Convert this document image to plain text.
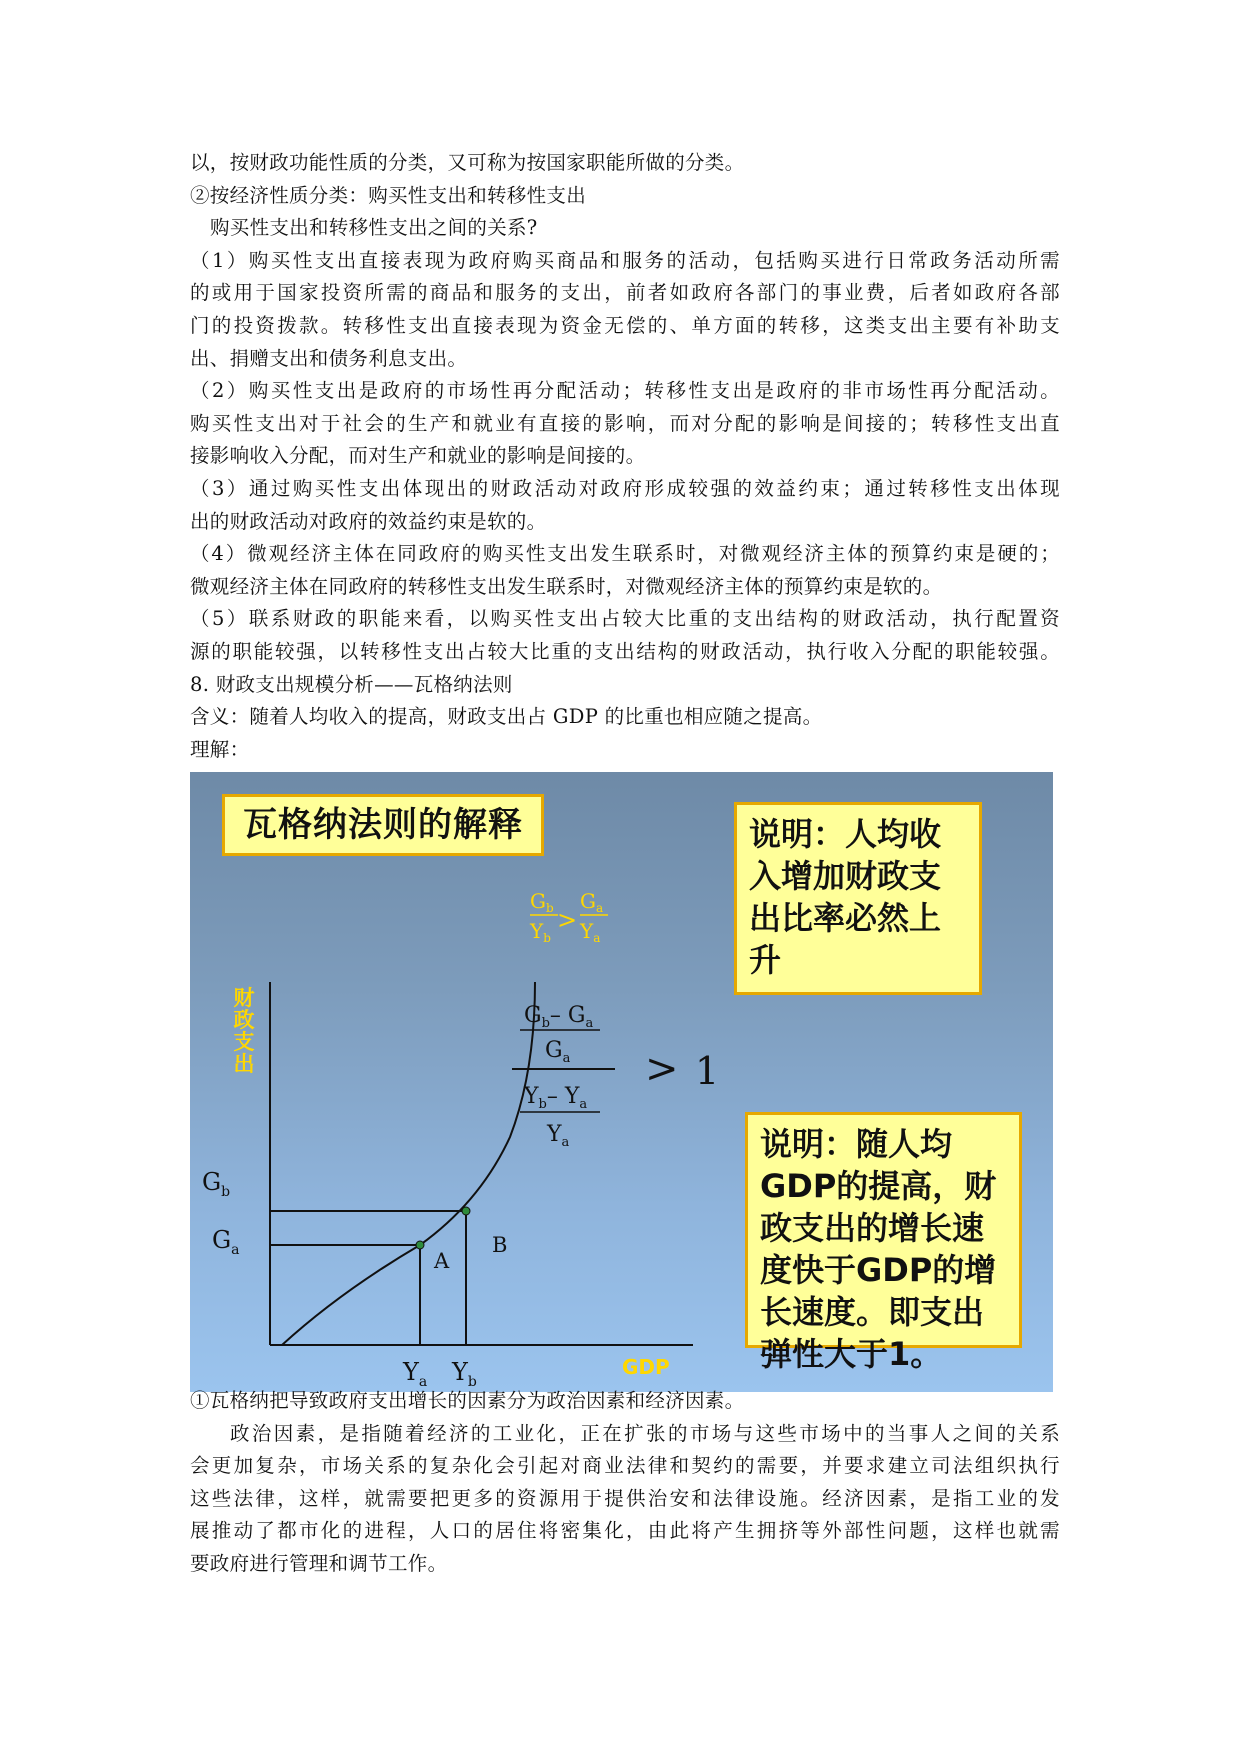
以，按财政功能性质的分类，又可称为按国家职能所做的分类。
②按经济性质分类：购买性支出和转移性支出
购买性支出和转移性支出之间的关系?
（1）购买性支出直接表现为政府购买商品和服务的活动，包括购买进行日常政务活动所需
的或用于国家投资所需的商品和服务的支出，前者如政府各部门的事业费，后者如政府各部
门的投资拨款。转移性支出直接表现为资金无偿的、单方面的转移，这类支出主要有补助支
出、捐赠支出和债务利息支出。
（2）购买性支出是政府的市场性再分配活动；转移性支出是政府的非市场性再分配活动。
购买性支出对于社会的生产和就业有直接的影响，而对分配的影响是间接的；转移性支出直
接影响收入分配，而对生产和就业的影响是间接的。
（3）通过购买性支出体现出的财政活动对政府形成较强的效益约束；通过转移性支出体现
出的财政活动对政府的效益约束是软的。
（4）微观经济主体在同政府的购买性支出发生联系时，对微观经济主体的预算约束是硬的；
微观经济主体在同政府的转移性支出发生联系时，对微观经济主体的预算约束是软的。
（5）联系财政的职能来看，以购买性支出占较大比重的支出结构的财政活动，执行配置资
源的职能较强，以转移性支出占较大比重的支出结构的财政活动，执行收入分配的职能较强。
8. 财政支出规模分析——瓦格纳法则
含义：随着人均收入的提高，财政支出占 GDP 的比重也相应随之提高。
理解：
瓦格纳法则的解释	说明：人均收
入增加财政支
出比率必然上
升
说明：随人均
GDP的提高，财
政支出的增长速
度快于GDP的增
长速度。即支出
弹性大于1。
财
政
支
出
$G_b$
$G_a$
$Y_a$ $Y_b$
A
B
GDP
$G_b$
$Y_b$
>
$G_a$
$Y_a$
$G_b-$ $G_a$
$G_a$
$Y_b-$ $Y_a$
$Y_a$
> 1
①瓦格纳把导致政府支出增长的因素分为政治因素和经济因素。
政治因素，是指随着经济的工业化，正在扩张的市场与这些市场中的当事人之间的关系
会更加复杂，市场关系的复杂化会引起对商业法律和契约的需要，并要求建立司法组织执行
这些法律，这样，就需要把更多的资源用于提供治安和法律设施。经济因素，是指工业的发
展推动了都市化的进程，人口的居住将密集化，由此将产生拥挤等外部性问题，这样也就需
要政府进行管理和调节工作。
